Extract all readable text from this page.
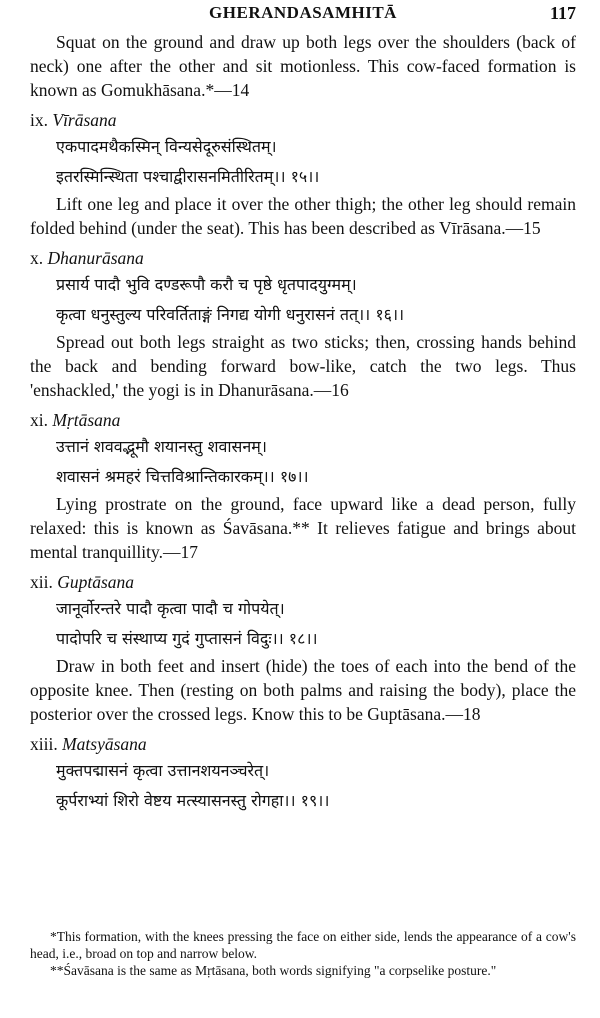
GHERANDASAMHITĀ	117

Squat on the ground and draw up both legs over the shoulders (back of neck) one after the other and sit motionless. This cow-faced formation is known as Gomukhāsana.*—14

ix. Vīrāsana

एकपादमथैकस्मिन् विन्यसेदूरुसंस्थितम्।

इतरस्मिन्स्थिता पश्चाद्वीरासनमितीरितम्।। १५।।

Lift one leg and place it over the other thigh; the other leg should remain folded behind (under the seat). This has been described as Vīrāsana.—15

x. Dhanurāsana

प्रसार्य पादौ भुवि दण्डरूपौ करौ च पृष्ठे धृतपादयुग्मम्।

कृत्वा धनुस्तुल्य परिवर्तिताङ्गं निगद्य योगी धनुरासनं तत्।। १६।।

Spread out both legs straight as two sticks; then, crossing hands behind the back and bending forward bow-like, catch the two legs. Thus 'enshackled,' the yogi is in Dhanurāsana.—16

xi. Mṛtāsana

उत्तानं शववद्भूमौ शयानस्तु शवासनम्।

शवासनं श्रमहरं चित्तविश्रान्तिकारकम्।। १७।।

Lying prostrate on the ground, face upward like a dead person, fully relaxed: this is known as Śavāsana.** It relieves fatigue and brings about mental tranquillity.—17

xii. Guptāsana

जानूर्वोरन्तरे पादौ कृत्वा पादौ च गोपयेत्।

पादोपरि च संस्थाप्य गुदं गुप्तासनं विदुः।। १८।।

Draw in both feet and insert (hide) the toes of each into the bend of the opposite knee. Then (resting on both palms and raising the body), place the posterior over the crossed legs. Know this to be Guptāsana.—18

xiii. Matsyāsana

मुक्तपद्मासनं कृत्वा उत्तानशयनञ्चरेत्।

कूर्पराभ्यां शिरो वेष्टय मत्स्यासनस्तु रोगहा।। १९।।

*This formation, with the knees pressing the face on either side, lends the appearance of a cow's head, i.e., broad on top and narrow below.

**Śavāsana is the same as Mṛtāsana, both words signifying "a corpselike posture."
